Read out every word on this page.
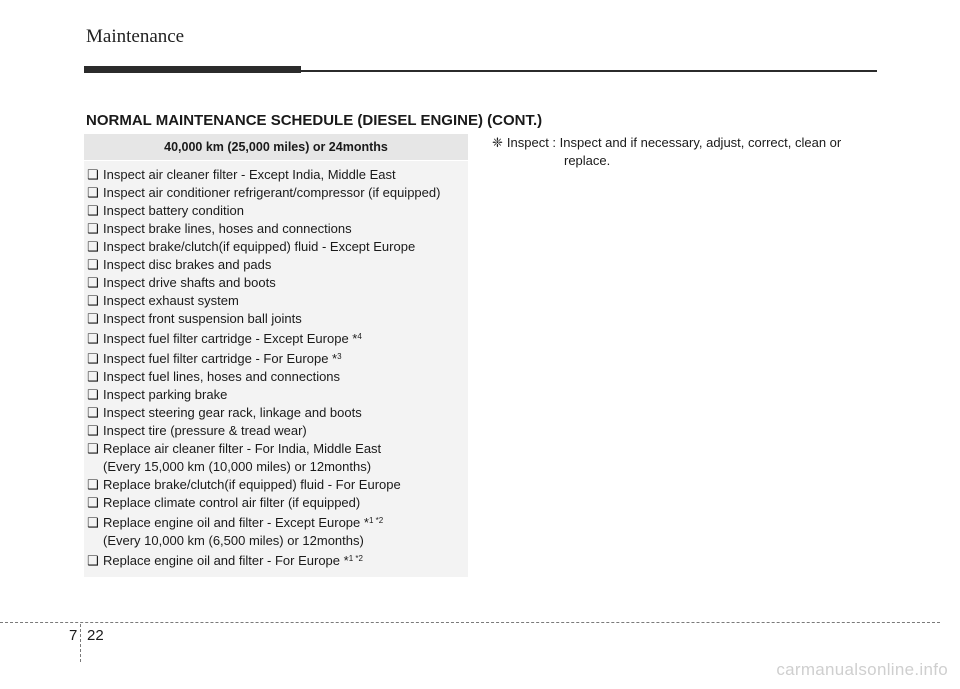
Maintenance
NORMAL MAINTENANCE SCHEDULE (DIESEL ENGINE) (CONT.)
40,000 km (25,000 miles) or 24months
❑ Inspect air cleaner filter - Except India, Middle East
❑ Inspect air conditioner refrigerant/compressor (if equipped)
❑ Inspect battery condition
❑ Inspect brake lines, hoses and connections
❑ Inspect brake/clutch(if equipped) fluid - Except Europe
❑ Inspect disc brakes and pads
❑ Inspect drive shafts and boots
❑ Inspect exhaust system
❑ Inspect front suspension ball joints
❑ Inspect fuel filter cartridge - Except Europe *$^4$
❑ Inspect fuel filter cartridge - For Europe *$^3$
❑ Inspect fuel lines, hoses and connections
❑ Inspect parking brake
❑ Inspect steering gear rack, linkage and boots
❑ Inspect tire (pressure & tread wear)
❑ Replace air cleaner filter - For India, Middle East
(Every 15,000 km (10,000 miles) or 12months)
❑ Replace brake/clutch(if equipped) fluid - For Europe
❑ Replace climate control air filter (if equipped)
❑ Replace engine oil and filter - Except Europe *$^{1 *2}$
(Every 10,000 km (6,500 miles) or 12months)
❑ Replace engine oil and filter - For Europe *$^{1 *2}$
❈ Inspect : Inspect and if necessary, adjust, correct, clean or
replace.
7 22
carmanualsonline.info
